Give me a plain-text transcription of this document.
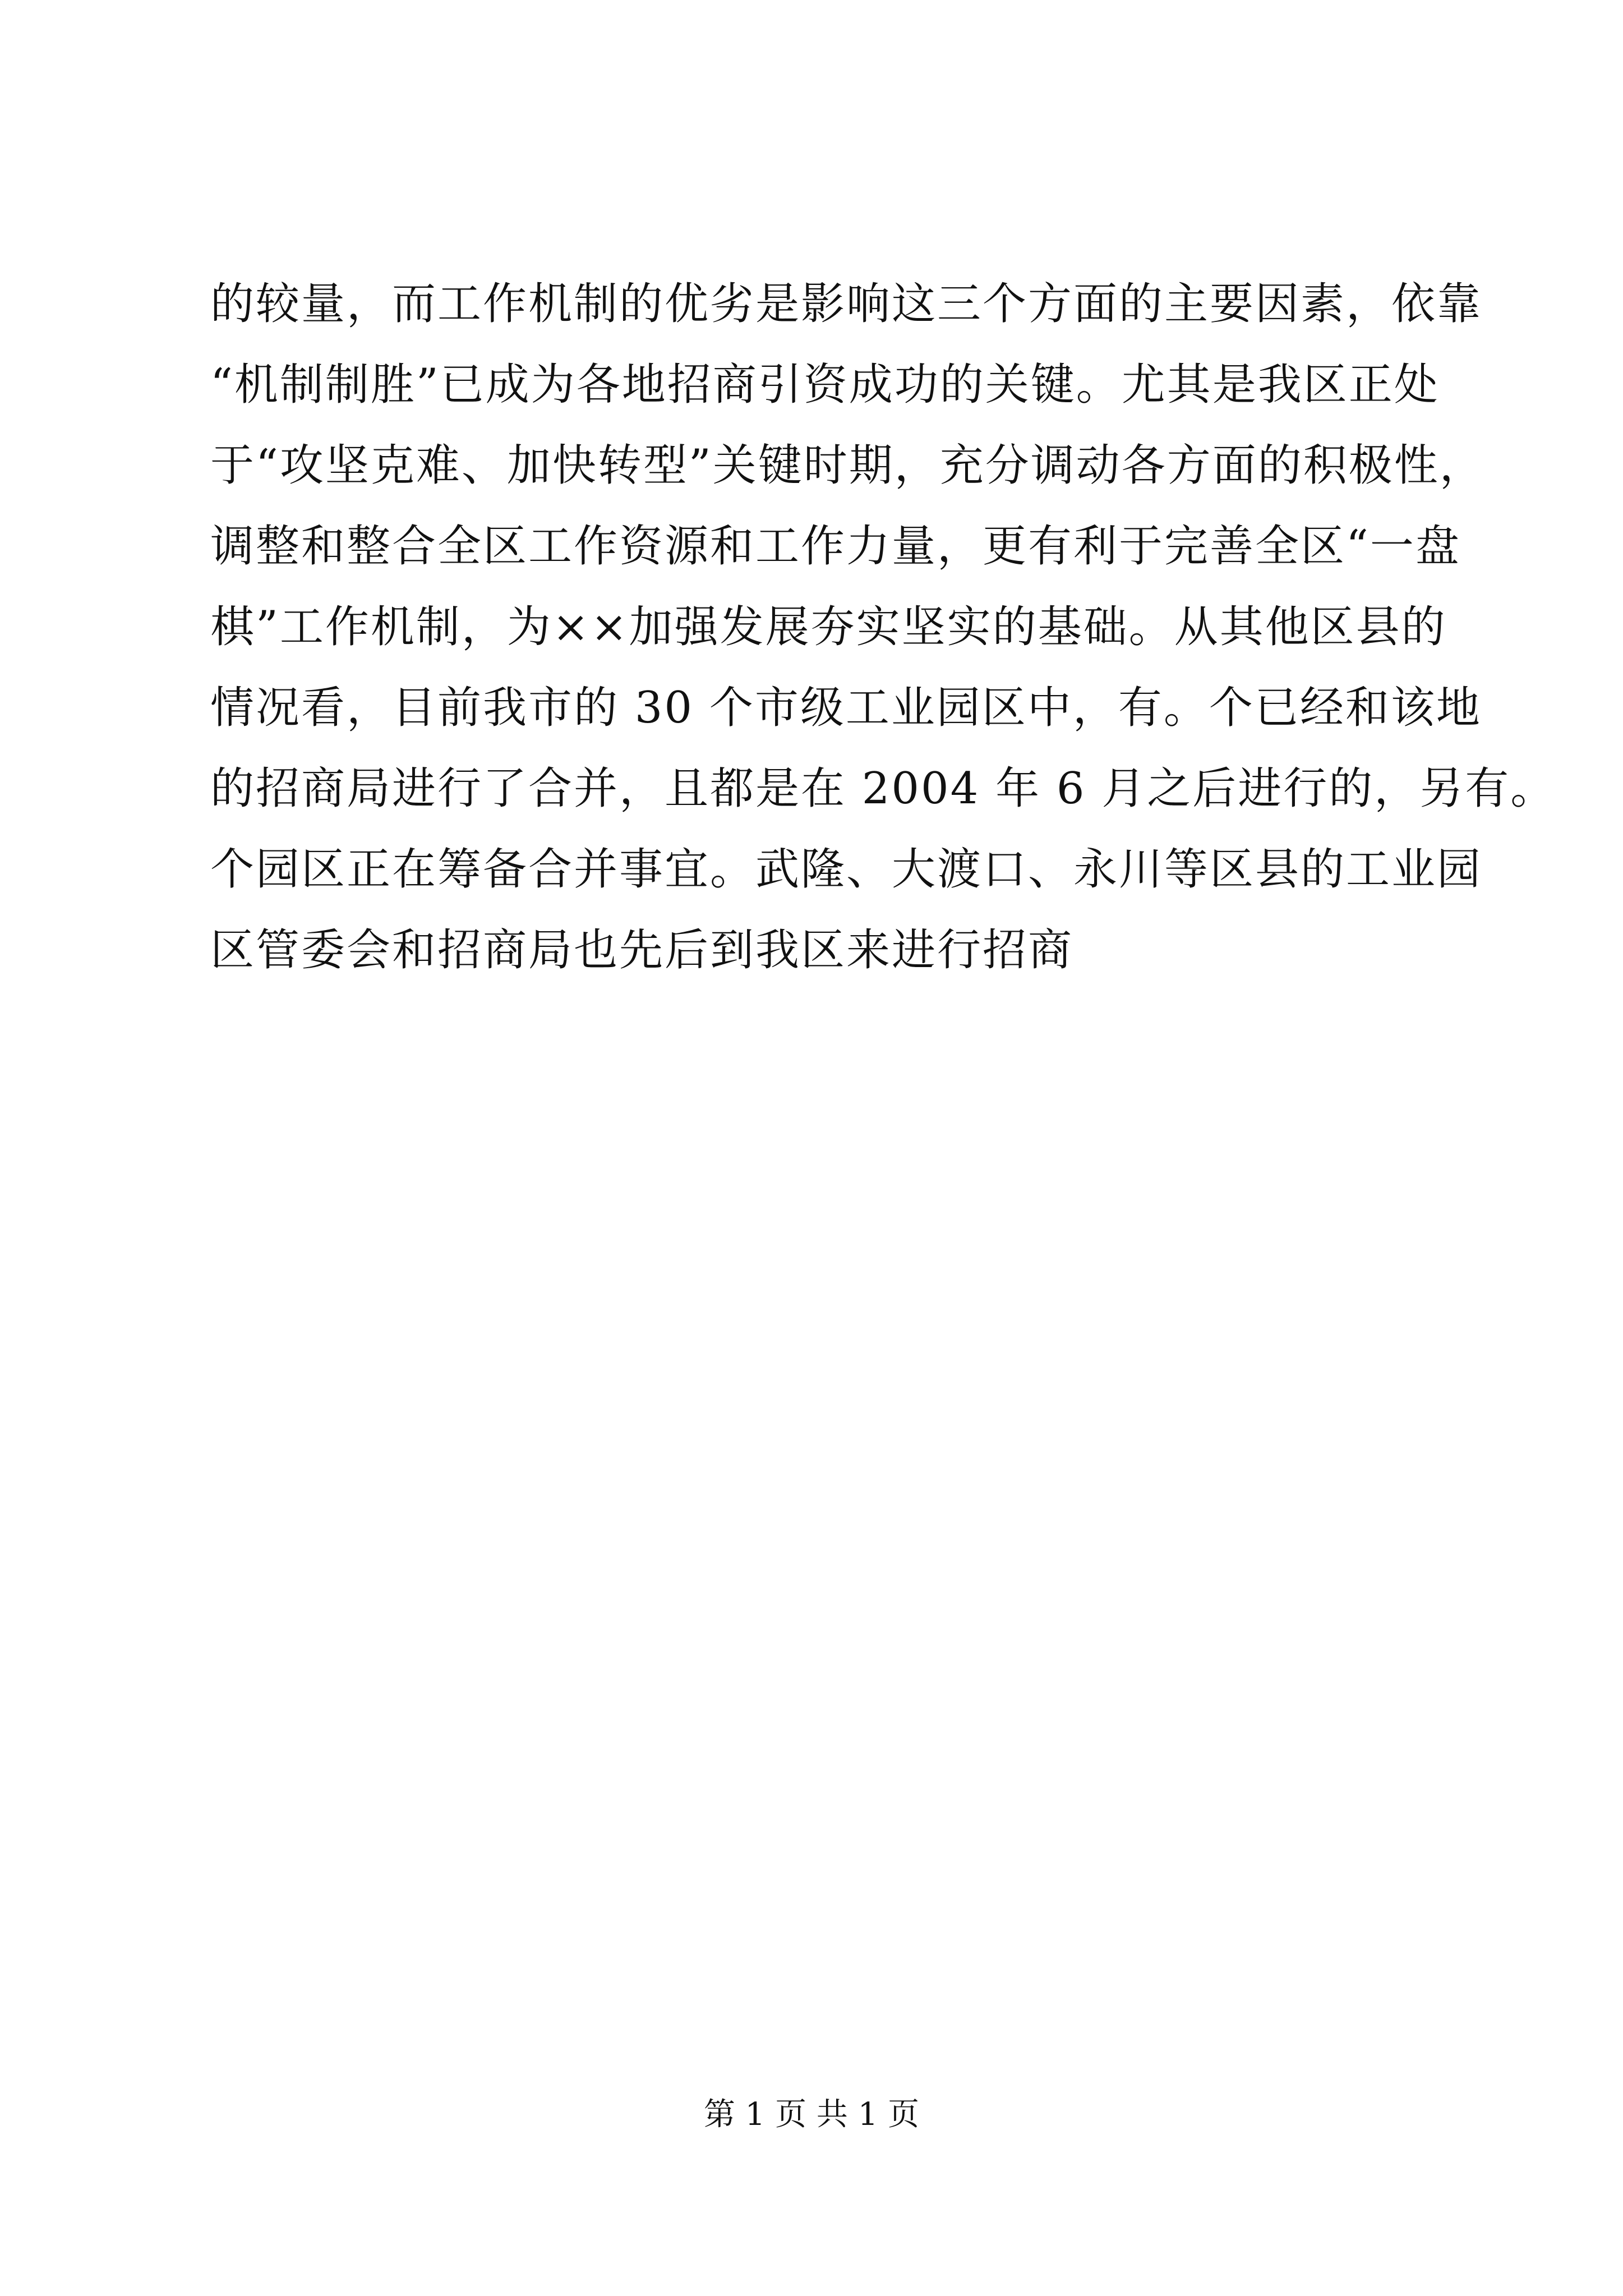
的较量，而工作机制的优劣是影响这三个方面的主要因素，依靠
“机制制胜”已成为各地招商引资成功的关键。尤其是我区正处
于“攻坚克难、加快转型”关键时期，充分调动各方面的积极性，
调整和整合全区工作资源和工作力量，更有利于完善全区“一盘
棋”工作机制，为××加强发展夯实坚实的基础。从其他区县的
情况看，目前我市的 30 个市级工业园区中，有。个已经和该地
的招商局进行了合并，且都是在 2004 年 6 月之后进行的，另有。
个园区正在筹备合并事宜。武隆、大渡口、永川等区县的工业园
区管委会和招商局也先后到我区来进行招商
第 1 页 共 1 页
